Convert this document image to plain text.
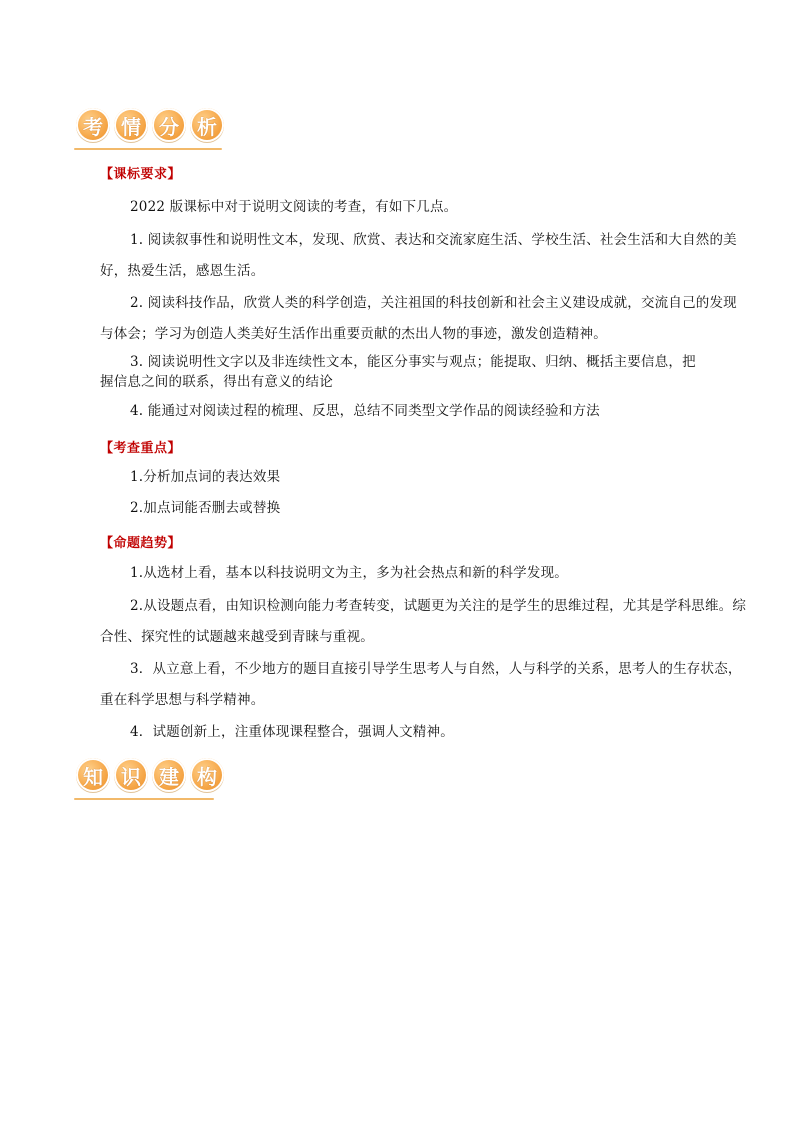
考 情 分 析
【课标要求】
2022 版课标中对于说明文阅读的考查，有如下几点。
1. 阅读叙事性和说明性文本，发现、欣赏、表达和交流家庭生活、学校生活、社会生活和大自然的美
好，热爱生活，感恩生活。
2. 阅读科技作品，欣赏人类的科学创造，关注祖国的科技创新和社会主义建设成就，交流自己的发现
与体会；学习为创造人类美好生活作出重要贡献的杰出人物的事迹，激发创造精神。
3. 阅读说明性文字以及非连续性文本，能区分事实与观点；能提取、归纳、概括主要信息，把
握信息之间的联系，得出有意义的结论
4. 能通过对阅读过程的梳理、反思，总结不同类型文学作品的阅读经验和方法
【考查重点】
1.分析加点词的表达效果
2.加点词能否删去或替换
【命题趋势】
1.从选材上看，基本以科技说明文为主，多为社会热点和新的科学发现。
2.从设题点看，由知识检测向能力考查转变，试题更为关注的是学生的思维过程，尤其是学科思维。综
合性、探究性的试题越来越受到青睐与重视。
3．从立意上看，不少地方的题目直接引导学生思考人与自然，人与科学的关系，思考人的生存状态，
重在科学思想与科学精神。
4．试题创新上，注重体现课程整合，强调人文精神。
知 识 建 构
